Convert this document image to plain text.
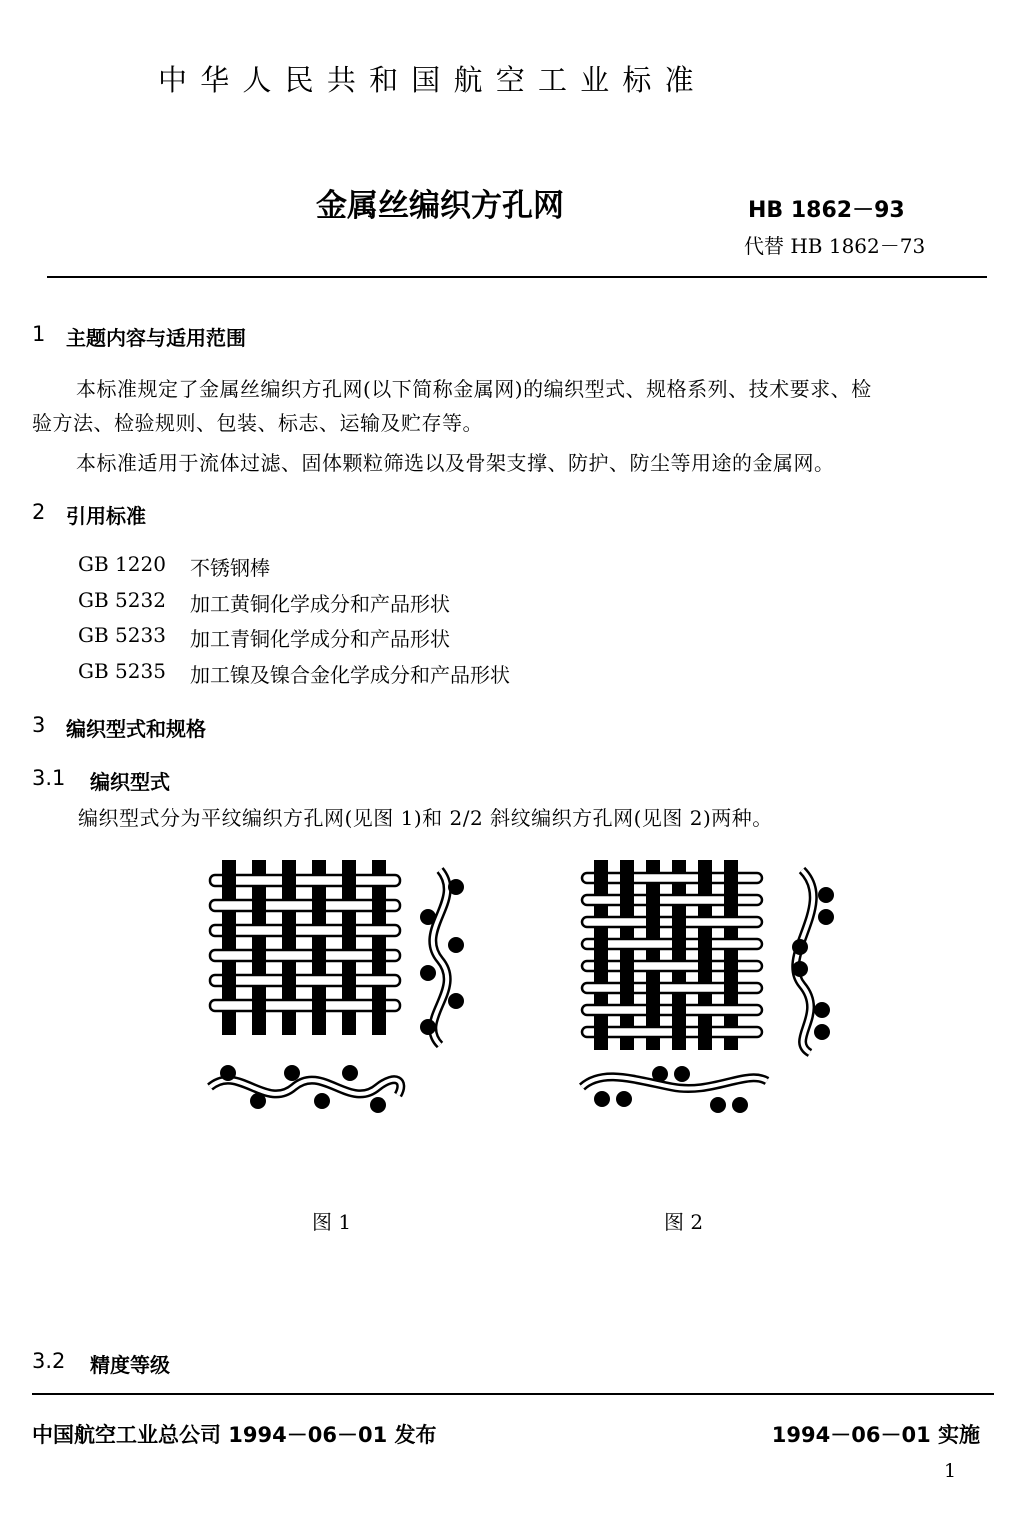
中 华 人 民 共 和 国 航 空 工 业 标 准
金属丝编织方孔网	HB 1862－93
代替 HB 1862－73
1 主题内容与适用范围
本标准规定了金属丝编织方孔网(以下简称金属网)的编织型式、规格系列、技术要求、检
验方法、检验规则、包装、标志、运输及贮存等。
本标准适用于流体过滤、固体颗粒筛选以及骨架支撑、防护、防尘等用途的金属网。
2 引用标准
GB 1220 不锈钢棒
GB 5232 加工黄铜化学成分和产品形状
GB 5233 加工青铜化学成分和产品形状
GB 5235 加工镍及镍合金化学成分和产品形状
3 编织型式和规格
3.1 编织型式
编织型式分为平纹编织方孔网(见图 1)和 2/2 斜纹编织方孔网(见图 2)两种。
图 1	图 2
3.2 精度等级
中国航空工业总公司 1994－06－01 发布	1994－06－01 实施
1
